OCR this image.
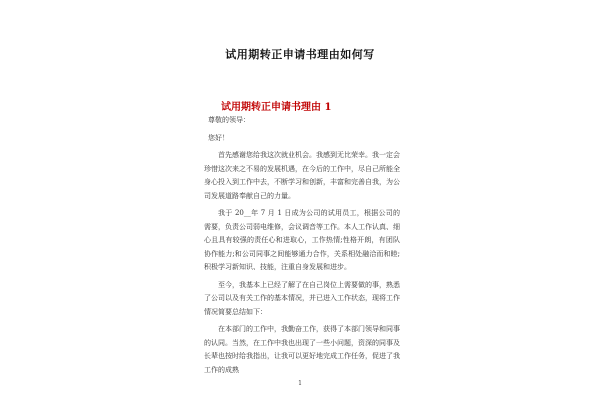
试用期转正申请书理由如何写
试用期转正申请书理由 1

尊敬的领导：

您好！

首先感谢您给我这次就业机会。我感到无比荣幸。我一定会珍惜这次来之不易的发展机遇，在今后的工作中，尽自己所能全身心投入到工作中去，不断学习和创新，丰富和完善自我，为公司发展道路奉献自己的力量。

我于 20__年 7 月 1 日成为公司的试用员工，根据公司的需要，负责公司弱电维修，会议调音等工作。本人工作认真、细心且具有较强的责任心和进取心，工作热情;性格开朗，有团队协作能力;和公司同事之间能够通力合作，关系相处融洽而和睦;积极学习新知识、技能，注重自身发展和进步。

至今，我基本上已经了解了在自己岗位上需要做的事，熟悉了公司以及有关工作的基本情况，并已进入工作状态，现将工作情况简要总结如下：

在本部门的工作中，我勤奋工作，获得了本部门领导和同事的认同。当然，在工作中我也出现了一些小问题，资深的同事及长辈也按时给我指出，让我可以更好地完成工作任务，促进了我工作的成熟

1
